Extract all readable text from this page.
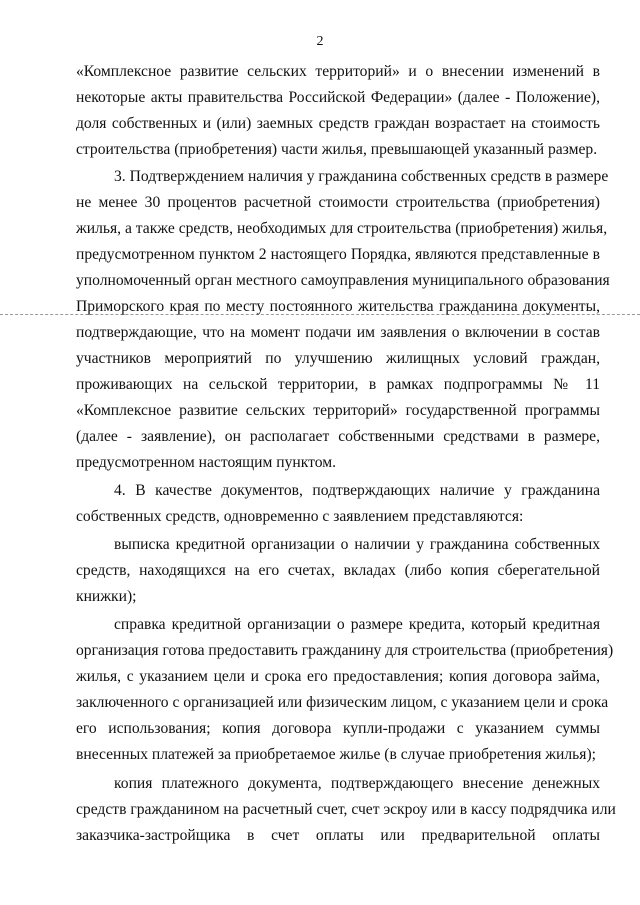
2
«Комплексное развитие сельских территорий» и о внесении изменений в
некоторые акты правительства Российской Федерации» (далее - Положение),
доля собственных и (или) заемных средств граждан возрастает на стоимость
строительства (приобретения) части жилья, превышающей указанный размер.
3. Подтверждением наличия у гражданина собственных средств в размере
не менее 30 процентов расчетной стоимости строительства (приобретения)
жилья, а также средств, необходимых для строительства (приобретения) жилья,
предусмотренном пунктом 2 настоящего Порядка, являются представленные в
уполномоченный орган местного самоуправления муниципального образования
Приморского края по месту постоянного жительства гражданина документы,
подтверждающие, что на момент подачи им заявления о включении в состав
участников мероприятий по улучшению жилищных условий граждан,
проживающих на сельской территории, в рамках подпрограммы № 11
«Комплексное развитие сельских территорий» государственной программы
(далее - заявление), он располагает собственными средствами в размере,
предусмотренном настоящим пунктом.
4. В качестве документов, подтверждающих наличие у гражданина
собственных средств, одновременно с заявлением представляются:
выписка кредитной организации о наличии у гражданина собственных
средств, находящихся на его счетах, вкладах (либо копия сберегательной
книжки);
справка кредитной организации о размере кредита, который кредитная
организация готова предоставить гражданину для строительства (приобретения)
жилья, с указанием цели и срока его предоставления; копия договора займа,
заключенного с организацией или физическим лицом, с указанием цели и срока
его использования; копия договора купли-продажи с указанием суммы
внесенных платежей за приобретаемое жилье (в случае приобретения жилья);
копия платежного документа, подтверждающего внесение денежных
средств гражданином на расчетный счет, счет эскроу или в кассу подрядчика или
заказчика-застройщика в счет оплаты или предварительной оплаты
